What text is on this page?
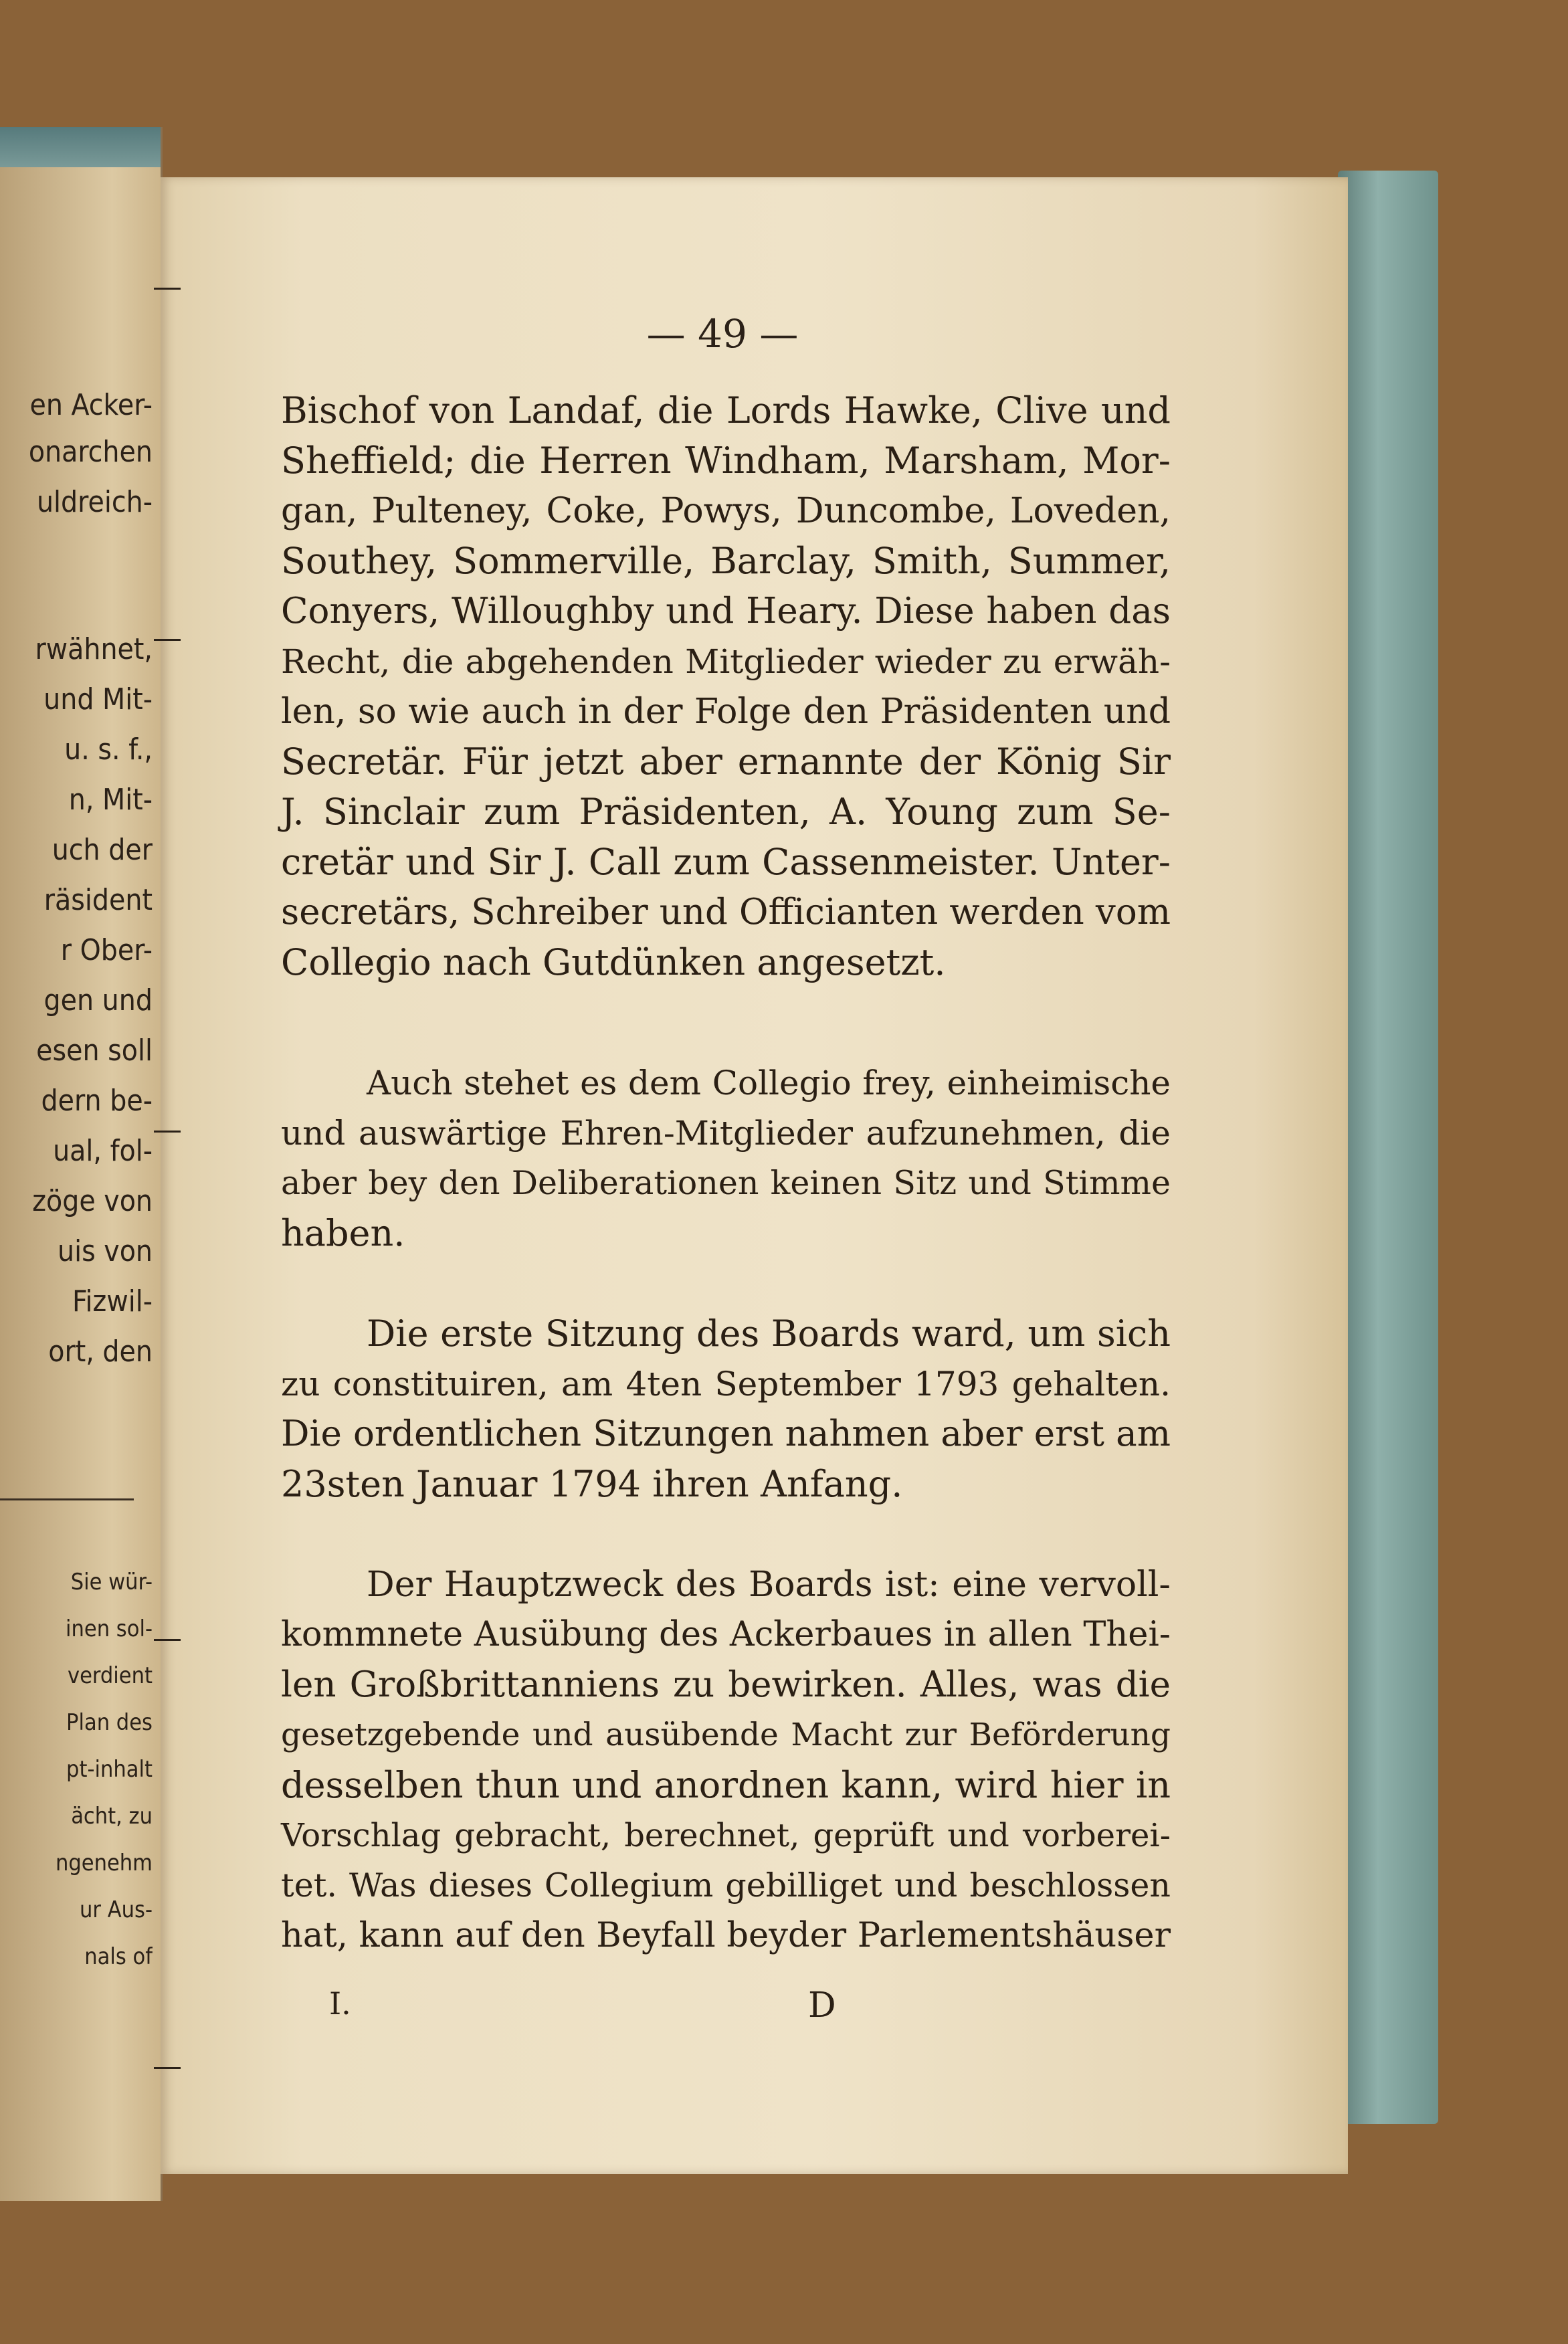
en Acker-
onarchen
uldreich-
rwähnet,
und Mit-
u. s. f.,
n, Mit-
uch der
räsident
r Ober-
gen und
esen soll
dern be-
ual, fol-
zöge von
uis von
Fizwil-
ort, den
Sie wür-
inen sol-
verdient
Plan des
pt-inhalt
ächt, zu
ngenehm
ur Aus-
nals of
— 49 —
Bischof von Landaf, die Lords Hawke, Clive und
Sheffield; die Herren Windham, Marsham, Mor-
gan, Pulteney, Coke, Powys, Duncombe, Loveden,
Southey, Sommerville, Barclay, Smith, Summer,
Conyers, Willoughby und Heary. Diese haben das
Recht, die abgehenden Mitglieder wieder zu erwäh-
len, so wie auch in der Folge den Präsidenten und
Secretär. Für jetzt aber ernannte der König Sir
J. Sinclair zum Präsidenten, A. Young zum Se-
cretär und Sir J. Call zum Cassenmeister. Unter-
secretärs, Schreiber und Officianten werden vom
Collegio nach Gutdünken angesetzt.
Auch stehet es dem Collegio frey, einheimische
und auswärtige Ehren-Mitglieder aufzunehmen, die
aber bey den Deliberationen keinen Sitz und Stimme
haben.
Die erste Sitzung des Boards ward, um sich
zu constituiren, am 4ten September 1793 gehalten.
Die ordentlichen Sitzungen nahmen aber erst am
23sten Januar 1794 ihren Anfang.
Der Hauptzweck des Boards ist: eine vervoll-
kommnete Ausübung des Ackerbaues in allen Thei-
len Großbrittanniens zu bewirken. Alles, was die
gesetzgebende und ausübende Macht zur Beförderung
desselben thun und anordnen kann, wird hier in
Vorschlag gebracht, berechnet, geprüft und vorberei-
tet. Was dieses Collegium gebilliget und beschlossen
hat, kann auf den Beyfall beyder Parlementshäuser
I.	D
